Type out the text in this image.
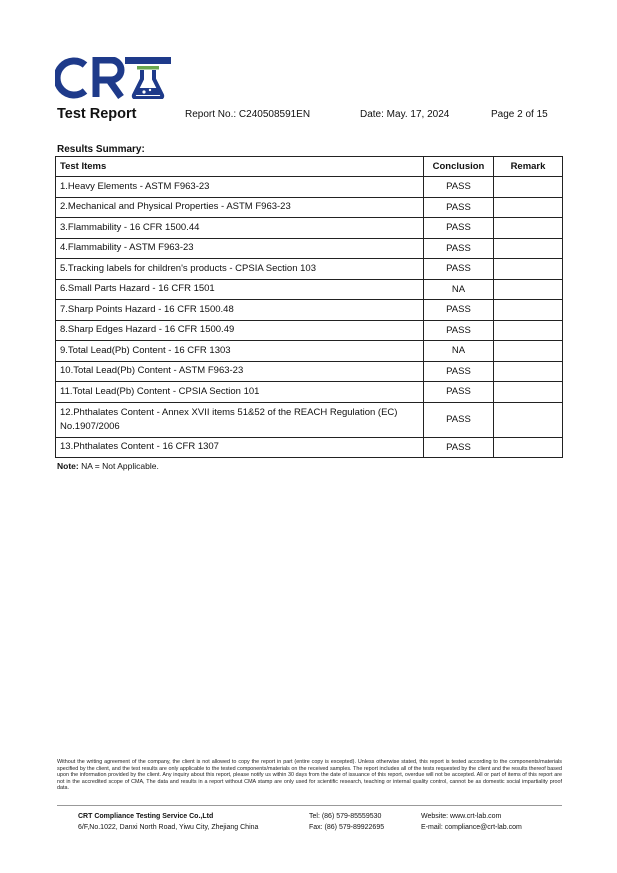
Test Report	Report No.: C240508591EN	Date: May. 17, 2024	Page 2 of 15
Results Summary:
Test Items	Conclusion	Remark
1.Heavy Elements - ASTM F963-23	PASS	
2.Mechanical and Physical Properties - ASTM F963-23	PASS	
3.Flammability - 16 CFR 1500.44	PASS	
4.Flammability - ASTM F963-23	PASS	
5.Tracking labels for children's products - CPSIA Section 103	PASS	
6.Small Parts Hazard - 16 CFR 1501	NA	
7.Sharp Points Hazard - 16 CFR 1500.48	PASS	
8.Sharp Edges Hazard - 16 CFR 1500.49	PASS	
9.Total Lead(Pb) Content - 16 CFR 1303	NA	
10.Total Lead(Pb) Content - ASTM F963-23	PASS	
11.Total Lead(Pb) Content - CPSIA Section 101	PASS	
12.Phthalates Content - Annex XVII items 51&52 of the REACH Regulation (EC) No.1907/2006	PASS	
13.Phthalates Content - 16 CFR 1307	PASS	
Note: NA = Not Applicable.
Without the writing agreement of the company, the client is not allowed to copy the report in part (entire copy is excepted). Unless otherwise stated, this report is tested according to the components/materials specified by the client, and the test results are only applicable to the tested components/materials on the received samples. The report includes all of the tests requested by the client and the results thereof based upon the information provided by the client. Any inquiry about this report, please notify us within 30 days from the date of issuance of this report, overdue will not be accepted. All or part of items of this report are not in the accredited scope of CMA, The data and results in a report without CMA stamp are only used for scientific research, teaching or internal quality control, cannot be as domestic social impartiality proof data.
CRT Compliance Testing Service Co.,Ltd
6/F,No.1022, Danxi North Road, Yiwu City, Zhejiang China
Tel: (86) 579-85559530
Fax: (86) 579-89922695
Website: www.crt-lab.com
E-mail: compliance@crt-lab.com
